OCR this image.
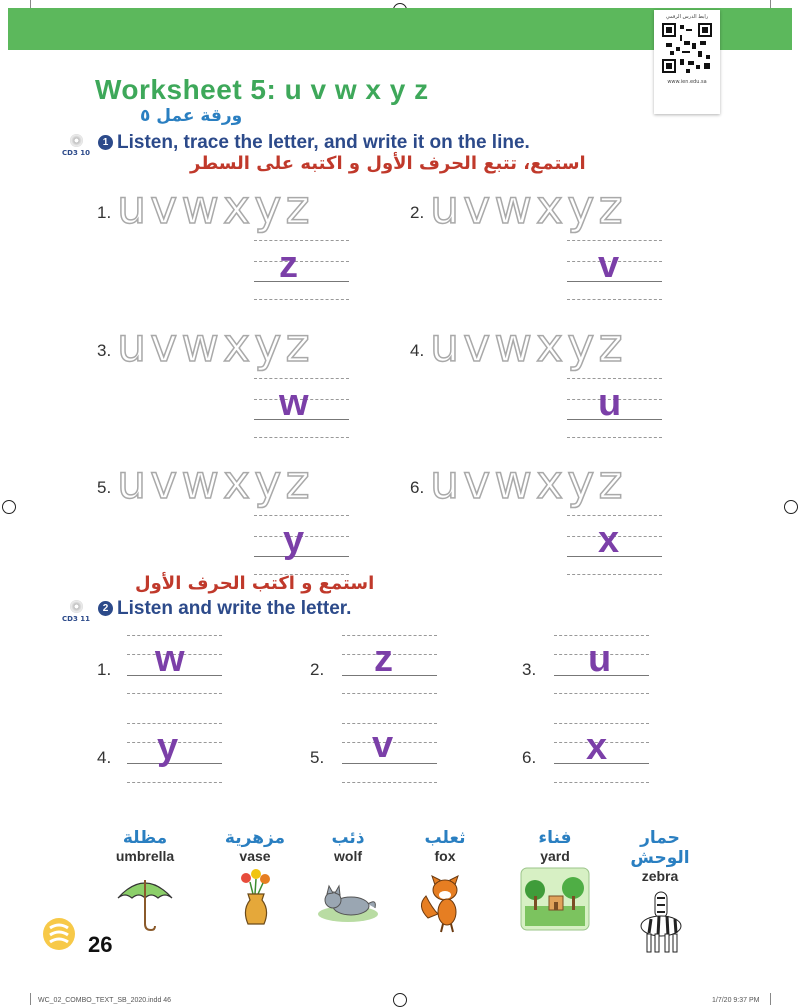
رابط الدرس الرقمي
www.ien.edu.sa
Worksheet 5: u v w x y z
ورقة عمل ٥
CD3 10
1 Listen, trace the letter, and write it on the line.
استمع، تتبع الحرف الأول و اكتبه على السطر
1. uvwxyz
z
2. uvwxyz
v
3. uvwxyz
w
4. uvwxyz
u
5. uvwxyz
y
6. uvwxyz
x
استمع و اكتب الحرف الأول
CD3 11
2 Listen and write the letter.
1. w	2. z	3. u
4. y	5. v	6. x
مظلة
umbrella
مزهرية
vase
ذئب
wolf
ثعلب
fox
فناء
yard
حمار الوحش
zebra
26
WC_02_COMBO_TEXT_SB_2020.indd 46	1/7/20 9:37 PM
